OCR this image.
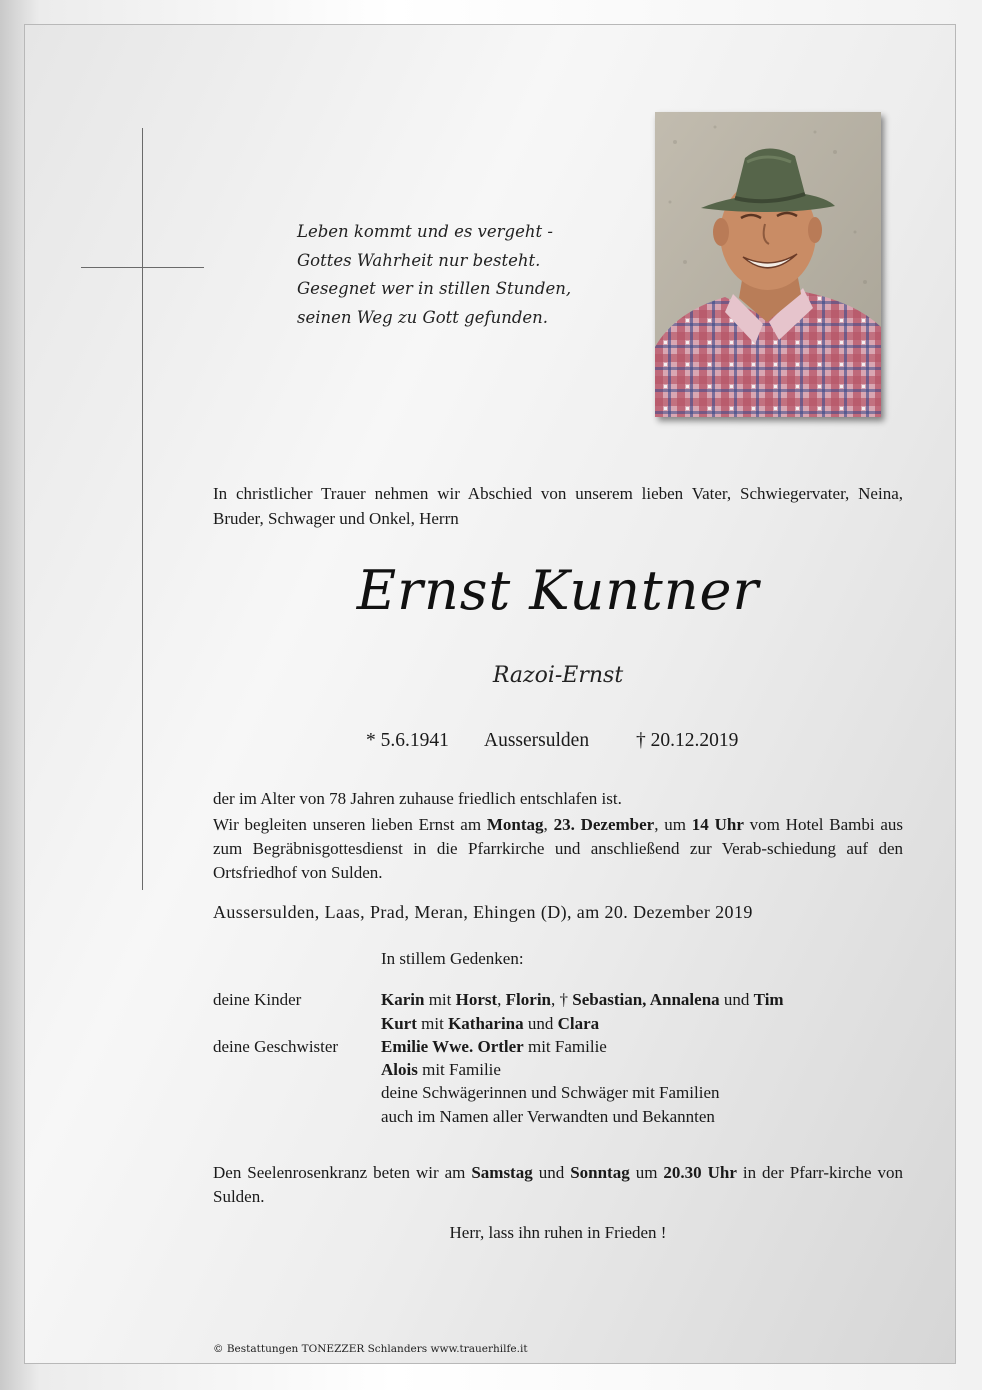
Leben kommt und es vergeht -
Gottes Wahrheit nur besteht.
Gesegnet wer in stillen Stunden,
seinen Weg zu Gott gefunden.
In christlicher Trauer nehmen wir Abschied von unserem lieben Vater, Schwiegervater, Neina, Bruder, Schwager und Onkel, Herrn
Ernst Kuntner
Razoi-Ernst
* 5.6.1941 Aussersulden † 20.12.2019
der im Alter von 78 Jahren zuhause friedlich entschlafen ist.
Wir begleiten unseren lieben Ernst am Montag, 23. Dezember, um 14 Uhr vom Hotel Bambi aus zum Begräbnisgottesdienst in die Pfarrkirche und anschließend zur Verab-schiedung auf den Ortsfriedhof von Sulden.
Aussersulden, Laas, Prad, Meran, Ehingen (D), am 20. Dezember 2019
In stillem Gedenken:
deine Kinder	Karin mit Horst, Florin, † Sebastian, Annalena und Tim
Kurt mit Katharina und Clara
deine Geschwister	Emilie Wwe. Ortler mit Familie
Alois mit Familie
deine Schwägerinnen und Schwäger mit Familien
auch im Namen aller Verwandten und Bekannten
Den Seelenrosenkranz beten wir am Samstag und Sonntag um 20.30 Uhr in der Pfarr-kirche von Sulden.
Herr, lass ihn ruhen in Frieden !
© Bestattungen TONEZZER Schlanders www.trauerhilfe.it
